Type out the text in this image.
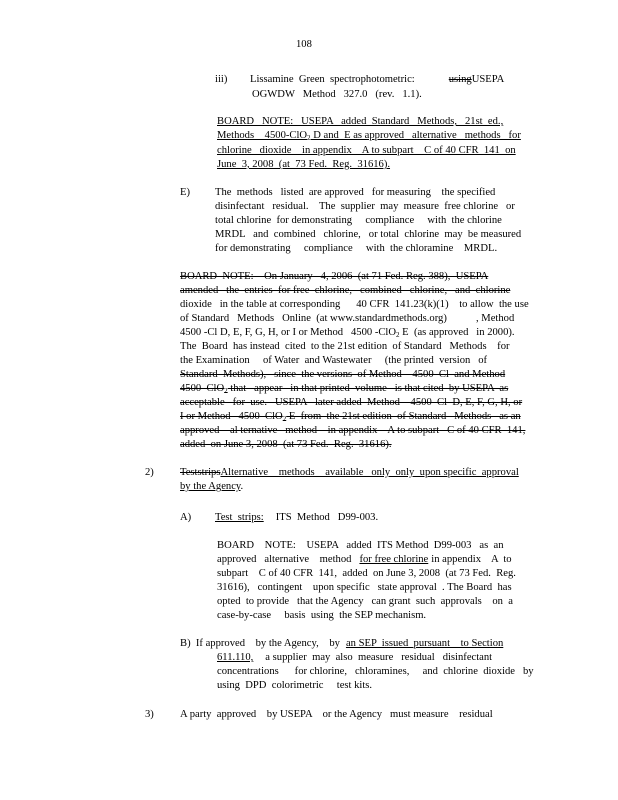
108
iii) Lissamine  Green  spectrophotometric:	usingUSEPA
OGWDW   Method   327.0   (rev.   1.1).
BOARD   NOTE:   USEPA   added  Standard   Methods,   21st  ed.,
Methods    4500-ClO$_2$ D and  E as approved   alternative   methods   for
chlorine   dioxide    in appendix    A to subpart    C of 40 CFR  141  on
June  3, 2008  (at  73 Fed.  Reg.  31616).
E) The  methods   listed  are approved   for measuring    the specified
disinfectant   residual.    The  supplier  may  measure  free chlorine   or
total chlorine  for demonstrating     compliance     with  the chlorine
MRDL   and  combined   chlorine,   or total  chlorine  may  be measured
for demonstrating     compliance     with  the chloramine    MRDL.
BOARD  NOTE:    On January   4, 2006  (at 71 Fed. Reg. 388),  USEPA
amended   the  entries  for free  chlorine,   combined   chlorine,   and  chlorine
dioxide   in the table at corresponding      40 CFR  141.23(k)(1)    to allow  the use
of Standard   Methods   Online  (at www.standardmethods.org)           , Method
4500 -Cl D, E, F, G, H, or I or Method   4500 -ClO$_2$ E  (as approved   in 2000).
The  Board  has instead  cited  to the 21st edition  of Standard   Methods    for
the Examination     of Water  and Wastewater     (the printed  version   of
Standard  Methods),   since  the versions  of Method    4500  Cl  and Method
4500  ClO$_2$ that   appear   in that printed  volume   is that cited  by USEPA  as
acceptable   for  use.   USEPA   later added  Method    4500  Cl  D, E, F, G, H, or
I or Method   4500  ClO$_2$ E  from  the 21st edition  of Standard   Methods   as an
approved    al ternative   method    in appendix    A to subpart   C of 40 CFR  141,
added  on June 3, 2008  (at 73 Fed.  Reg.  31616).
2) TeststripsAlternative    methods    available   only  only  upon specific  approval
by the Agency.
A) Test  strips: ITS  Method   D99-003.
BOARD    NOTE:    USEPA   added  ITS Method  D99-003   as  an
approved   alternative    method for free chlorine in appendix    A  to
subpart    C of 40 CFR  141,  added  on June 3, 2008  (at 73 Fed.  Reg.
31616),   contingent    upon specific   state approval  . The Board  has
opted  to provide   that the Agency   can grant  such  approvals    on  a
case-by-case     basis  using  the SEP mechanism.
B)  If approved    by the Agency,    by an SEP  issued  pursuant    to Section
611.110, a supplier  may  also  measure   residual   disinfectant
concentrations      for chlorine,   chloramines,     and  chlorine  dioxide   by
using  DPD  colorimetric     test kits.
3) A party  approved    by USEPA    or the Agency   must measure    residual
